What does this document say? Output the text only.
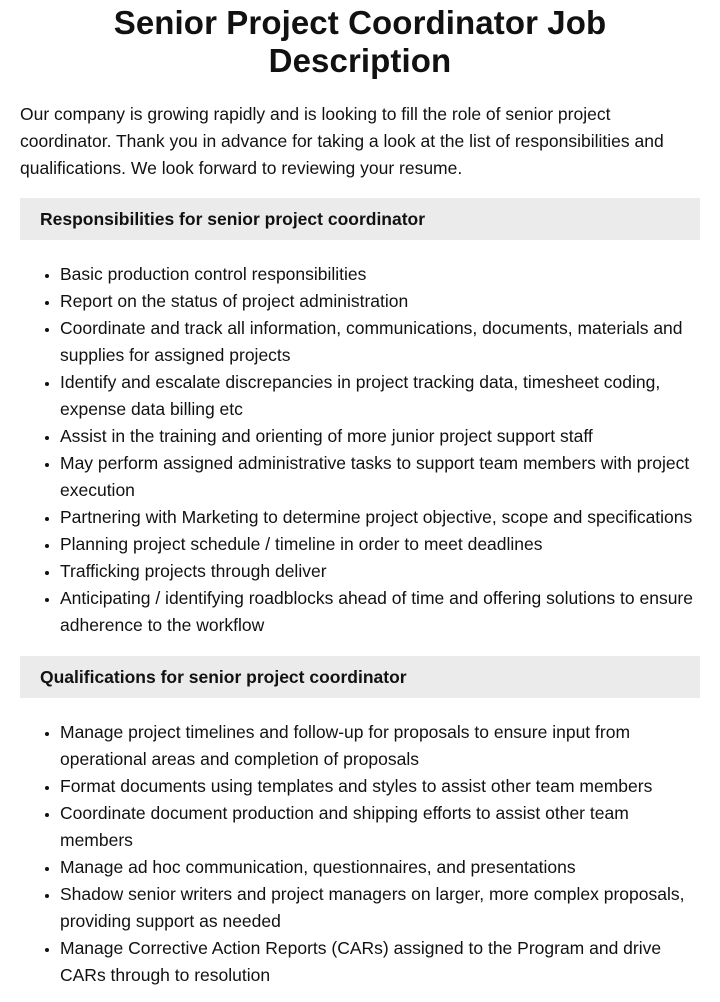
Senior Project Coordinator Job Description

Our company is growing rapidly and is looking to fill the role of senior project coordinator. Thank you in advance for taking a look at the list of responsibilities and qualifications. We look forward to reviewing your resume.

Responsibilities for senior project coordinator
• Basic production control responsibilities
• Report on the status of project administration
• Coordinate and track all information, communications, documents, materials and supplies for assigned projects
• Identify and escalate discrepancies in project tracking data, timesheet coding, expense data billing etc
• Assist in the training and orienting of more junior project support staff
• May perform assigned administrative tasks to support team members with project execution
• Partnering with Marketing to determine project objective, scope and specifications
• Planning project schedule / timeline in order to meet deadlines
• Trafficking projects through deliver
• Anticipating / identifying roadblocks ahead of time and offering solutions to ensure adherence to the workflow
Qualifications for senior project coordinator
• Manage project timelines and follow-up for proposals to ensure input from operational areas and completion of proposals
• Format documents using templates and styles to assist other team members
• Coordinate document production and shipping efforts to assist other team members
• Manage ad hoc communication, questionnaires, and presentations
• Shadow senior writers and project managers on larger, more complex proposals, providing support as needed
• Manage Corrective Action Reports (CARs) assigned to the Program and drive CARs through to resolution
